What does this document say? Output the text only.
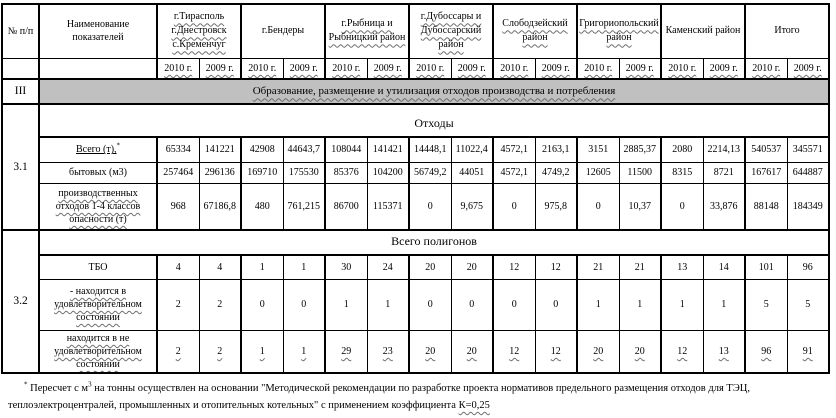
№ п/п	Наименование показателей	г.Тирасполь г.Днестровск с.Кременчуг		г.Бендеры		г.Рыбница и Рыбницкий район		г.Дубоссары и Дубоссарский район		Слободзейский район		Григориопольский район		Каменский район		Итого	
		2010 г.	2009 г.	2010 г.	2009 г.	2010 г.	2009 г.	2010 г.	2009 г.	2010 г.	2009 г.	2010 г.	2009 г.	2010 г.	2009 г.	2010 г.	2009 г.
III	Образование, размещение и утилизация отходов производства и потребления																
3.1	Отходы																
	Всего (т),*	65334	141221	42908	44643,7	108044	141421	14448,1	11022,4	4572,1	2163,1	3151	2885,37	2080	2214,13	540537	345571
	бытовых (м3)	257464	296136	169710	175530	85376	104200	56749,2	44051	4572,1	4749,2	12605	11500	8315	8721	167617	644887
	производственных отходов 1-4 классов опасности (т)	968	67186,8	480	761,215	86700	115371	0	9,675	0	975,8	0	10,37	0	33,876	88148	184349
3.2	Всего полигонов																
	ТБО	4	4	1	1	30	24	20	20	12	12	21	21	13	14	101	96
	- находится в удовлетворительном состоянии	2	2	0	0	1	1	0	0	0	0	1	1	1	1	5	5
	находится в не удовлетворительном состоянии	2	2	1	1	29	23	20	20	12	12	20	20	12	13	96	91
* Пересчет с $м^3$ на тонны осуществлен на основании "Методической рекомендации по разработке проекта нормативов предельного размещения отходов для ТЭЦ, теплоэлектроцентралей, промышленных и отопительных котельных" с применением коэффициента К=0,25
